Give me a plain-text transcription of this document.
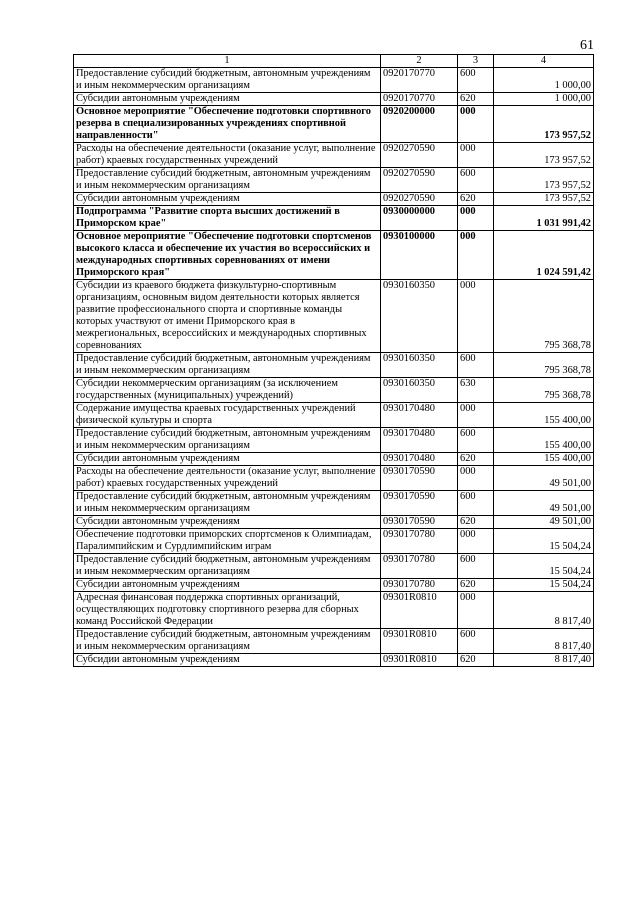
61
1	2	3	4
Предоставление субсидий бюджетным, автономным учреждениям и иным некоммерческим организациям	0920170770	600	1 000,00
Субсидии автономным учреждениям	0920170770	620	1 000,00
Основное мероприятие "Обеспечение подготовки спортивного резерва в специализированных учреждениях спортивной направленности"	0920200000	000	173 957,52
Расходы на обеспечение деятельности (оказание услуг, выполнение работ) краевых государственных учреждений	0920270590	000	173 957,52
Предоставление субсидий бюджетным, автономным учреждениям и иным некоммерческим организациям	0920270590	600	173 957,52
Субсидии автономным учреждениям	0920270590	620	173 957,52
Подпрограмма "Развитие спорта высших достижений в Приморском крае"	0930000000	000	1 031 991,42
Основное мероприятие "Обеспечение подготовки спортсменов высокого класса и обеспечение их участия во всероссийских и международных спортивных соревнованиях от имени Приморского края"	0930100000	000	1 024 591,42
Субсидии из краевого бюджета физкультурно-спортивным организациям, основным видом деятельности которых является развитие профессионального спорта и спортивные команды которых участвуют от имени Приморского края в межрегиональных, всероссийских и международных спортивных соревнованиях	0930160350	000	795 368,78
Предоставление субсидий бюджетным, автономным учреждениям и иным некоммерческим организациям	0930160350	600	795 368,78
Субсидии некоммерческим организациям (за исключением государственных (муниципальных) учреждений)	0930160350	630	795 368,78
Содержание имущества краевых государственных учреждений физической культуры и спорта	0930170480	000	155 400,00
Предоставление субсидий бюджетным, автономным учреждениям и иным некоммерческим организациям	0930170480	600	155 400,00
Субсидии автономным учреждениям	0930170480	620	155 400,00
Расходы на обеспечение деятельности (оказание услуг, выполнение работ) краевых государственных учреждений	0930170590	000	49 501,00
Предоставление субсидий бюджетным, автономным учреждениям и иным некоммерческим организациям	0930170590	600	49 501,00
Субсидии автономным учреждениям	0930170590	620	49 501,00
Обеспечение подготовки приморских спортсменов к Олимпиадам, Паралимпийским и Сурдлимпийским играм	0930170780	000	15 504,24
Предоставление субсидий бюджетным, автономным учреждениям и иным некоммерческим организациям	0930170780	600	15 504,24
Субсидии автономным учреждениям	0930170780	620	15 504,24
Адресная финансовая поддержка спортивных организаций, осуществляющих подготовку спортивного резерва для сборных команд Российской Федерации	09301R0810	000	8 817,40
Предоставление субсидий бюджетным, автономным учреждениям и иным некоммерческим организациям	09301R0810	600	8 817,40
Субсидии автономным учреждениям	09301R0810	620	8 817,40
